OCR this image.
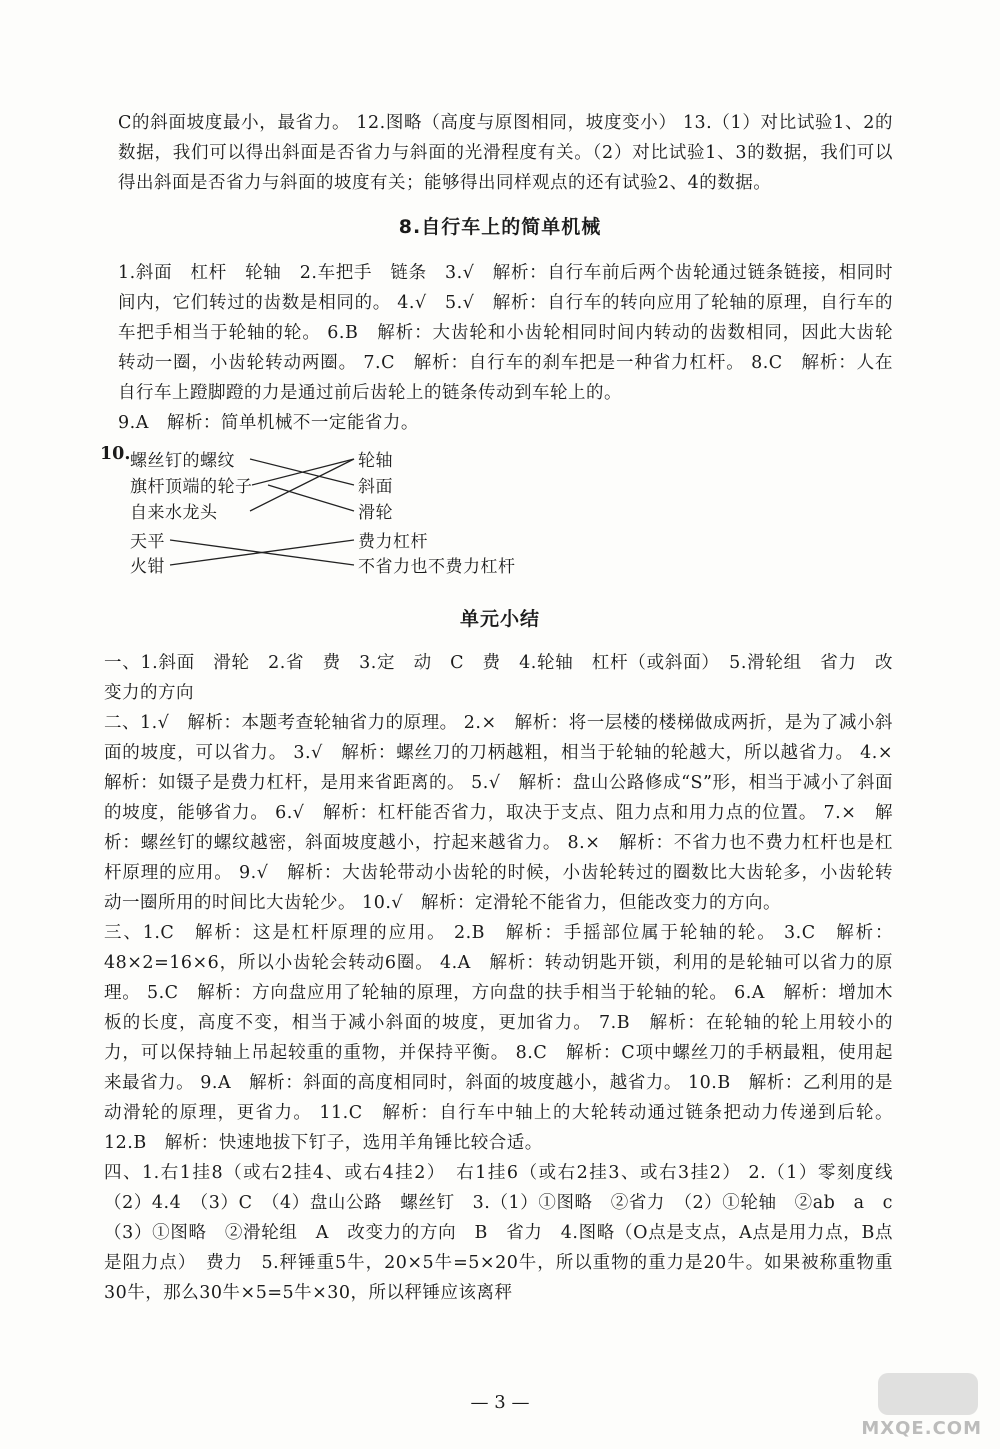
C的斜面坡度最小，最省力。 12.图略（高度与原图相同，坡度变小） 13.（1）对比试验1、2的数据，我们可以得出斜面是否省力与斜面的光滑程度有关。（2）对比试验1、3的数据，我们可以得出斜面是否省力与斜面的坡度有关；能够得出同样观点的还有试验2、4的数据。

8.自行车上的简单机械

1.斜面　杠杆　轮轴　2.车把手　链条　3.√　解析：自行车前后两个齿轮通过链条链接，相同时间内，它们转过的齿数是相同的。 4.√　5.√　解析：自行车的转向应用了轮轴的原理，自行车的车把手相当于轮轴的轮。 6.B　解析：大齿轮和小齿轮相同时间内转动的齿数相同，因此大齿轮转动一圈，小齿轮转动两圈。 7.C　解析：自行车的刹车把是一种省力杠杆。 8.C　解析：人在自行车上蹬脚蹬的力是通过前后齿轮上的链条传动到车轮上的。

9.A　解析：简单机械不一定能省力。

10. 螺丝钉的螺纹
旗杆顶端的轮子
自来水龙头
天平
火钳
轮轴
斜面
滑轮
费力杠杆
不省力也不费力杠杆
单元小结

一、1.斜面　滑轮　2.省　费　3.定　动　C　费　4.轮轴　杠杆（或斜面）　5.滑轮组　省力　改变力的方向

二、1.√　解析：本题考查轮轴省力的原理。 2.×　解析：将一层楼的楼梯做成两折，是为了减小斜面的坡度，可以省力。 3.√　解析：螺丝刀的刀柄越粗，相当于轮轴的轮越大，所以越省力。 4.×　解析：如镊子是费力杠杆，是用来省距离的。 5.√　解析：盘山公路修成“S”形，相当于减小了斜面的坡度，能够省力。 6.√　解析：杠杆能否省力，取决于支点、阻力点和用力点的位置。 7.×　解析：螺丝钉的螺纹越密，斜面坡度越小，拧起来越省力。 8.×　解析：不省力也不费力杠杆也是杠杆原理的应用。 9.√　解析：大齿轮带动小齿轮的时候，小齿轮转过的圈数比大齿轮多，小齿轮转动一圈所用的时间比大齿轮少。 10.√　解析：定滑轮不能省力，但能改变力的方向。

三、1.C　解析：这是杠杆原理的应用。 2.B　解析：手摇部位属于轮轴的轮。 3.C　解析：48×2=16×6，所以小齿轮会转动6圈。 4.A　解析：转动钥匙开锁，利用的是轮轴可以省力的原理。 5.C　解析：方向盘应用了轮轴的原理，方向盘的扶手相当于轮轴的轮。 6.A　解析：增加木板的长度，高度不变，相当于减小斜面的坡度，更加省力。 7.B　解析：在轮轴的轮上用较小的力，可以保持轴上吊起较重的重物，并保持平衡。 8.C　解析：C项中螺丝刀的手柄最粗，使用起来最省力。 9.A　解析：斜面的高度相同时，斜面的坡度越小，越省力。 10.B　解析：乙利用的是动滑轮的原理，更省力。 11.C　解析：自行车中轴上的大轮转动通过链条把动力传递到后轮。 12.B　解析：快速地拔下钉子，选用羊角锤比较合适。

四、1.右1挂8（或右2挂4、或右4挂2）　右1挂6（或右2挂3、或右3挂2） 2.（1）零刻度线　（2）4.4　（3）C　（4）盘山公路　螺丝钉　3.（1）①图略　②省力　（2）①轮轴　②ab　a　c　（3）①图略　②滑轮组　A　改变力的方向　B　省力　4.图略（O点是支点，A点是用力点，B点是阻力点）　费力　5.秤锤重5牛，20×5牛=5×20牛，所以重物的重力是20牛。如果被称重物重30牛，那么30牛×5=5牛×30，所以秤锤应该离秤

— 3 —
MXQE.COM
